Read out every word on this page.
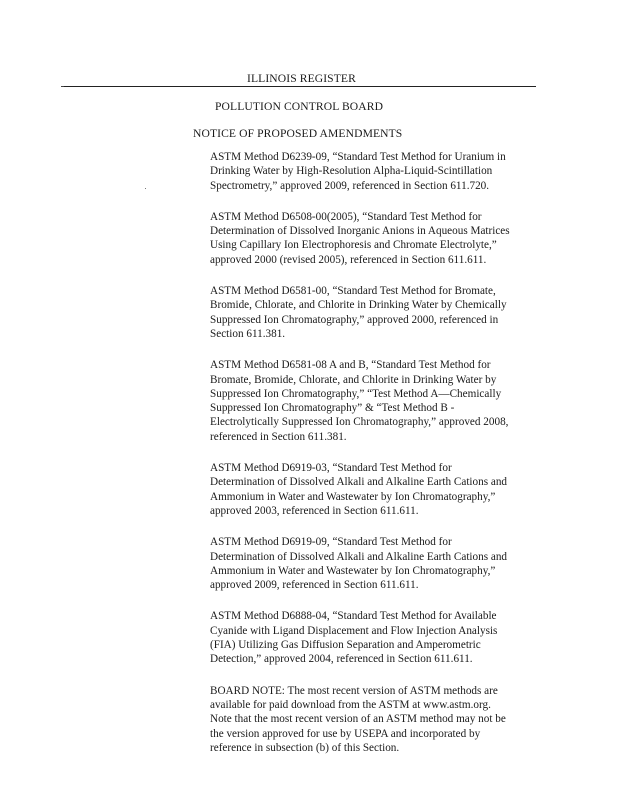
ILLINOIS REGISTER
POLLUTION CONTROL BOARD
NOTICE OF PROPOSED AMENDMENTS
ASTM Method D6239-09, “Standard Test Method for Uranium in
Drinking Water by High-Resolution Alpha-Liquid-Scintillation
Spectrometry,” approved 2009, referenced in Section 611.720.
ASTM Method D6508-00(2005), “Standard Test Method for
Determination of Dissolved Inorganic Anions in Aqueous Matrices
Using Capillary Ion Electrophoresis and Chromate Electrolyte,”
approved 2000 (revised 2005), referenced in Section 611.611.
ASTM Method D6581-00, “Standard Test Method for Bromate,
Bromide, Chlorate, and Chlorite in Drinking Water by Chemically
Suppressed Ion Chromatography,” approved 2000, referenced in
Section 611.381.
ASTM Method D6581-08 A and B, “Standard Test Method for
Bromate, Bromide, Chlorate, and Chlorite in Drinking Water by
Suppressed Ion Chromatography,” “Test Method A—Chemically
Suppressed Ion Chromatography” & “Test Method B -
Electrolytically Suppressed Ion Chromatography,” approved 2008,
referenced in Section 611.381.
ASTM Method D6919-03, “Standard Test Method for
Determination of Dissolved Alkali and Alkaline Earth Cations and
Ammonium in Water and Wastewater by Ion Chromatography,”
approved 2003, referenced in Section 611.611.
ASTM Method D6919-09, “Standard Test Method for
Determination of Dissolved Alkali and Alkaline Earth Cations and
Ammonium in Water and Wastewater by Ion Chromatography,”
approved 2009, referenced in Section 611.611.
ASTM Method D6888-04, “Standard Test Method for Available
Cyanide with Ligand Displacement and Flow Injection Analysis
(FIA) Utilizing Gas Diffusion Separation and Amperometric
Detection,” approved 2004, referenced in Section 611.611.
BOARD NOTE: The most recent version of ASTM methods are
available for paid download from the ASTM at www.astm.org.
Note that the most recent version of an ASTM method may not be
the version approved for use by USEPA and incorporated by
reference in subsection (b) of this Section.
